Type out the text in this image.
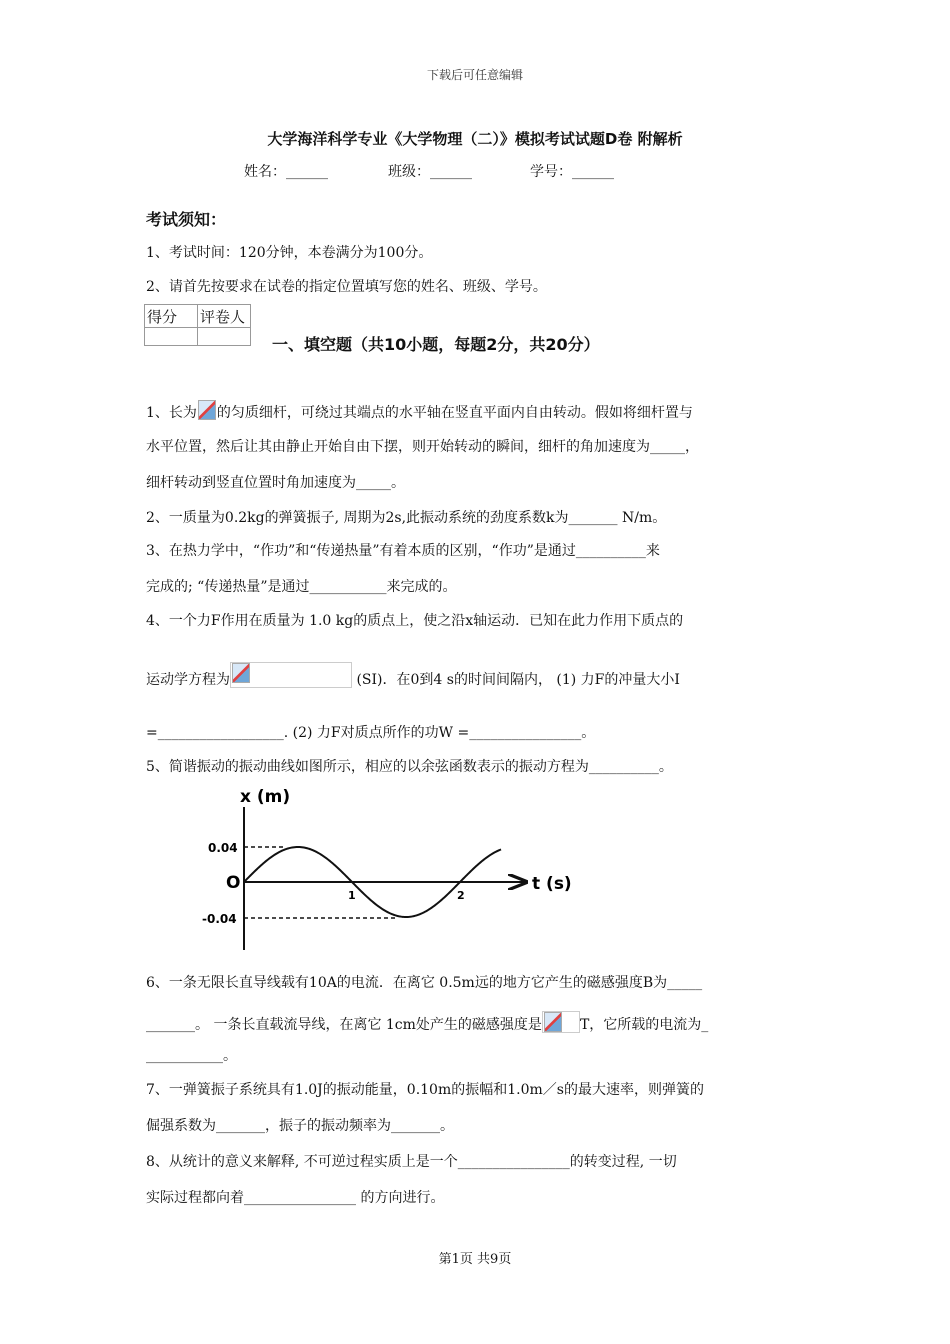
下载后可任意编辑
大学海洋科学专业《大学物理（二）》模拟考试试题D卷 附解析
姓名：______	班级：______	学号：______
考试须知：
1、考试时间：120分钟，本卷满分为100分。
2、请首先按要求在试卷的指定位置填写您的姓名、班级、学号。
得分	评卷人

一、填空题（共10小题，每题2分，共20分）
1、长为 的匀质细杆，可绕过其端点的水平轴在竖直平面内自由转动。假如将细杆置与
水平位置，然后让其由静止开始自由下摆，则开始转动的瞬间，细杆的角加速度为_____，
细杆转动到竖直位置时角加速度为_____。
2、一质量为0.2kg的弹簧振子, 周期为2s,此振动系统的劲度系数k为_______ N/m。
3、在热力学中，“作功”和“传递热量”有着本质的区别，“作功”是通过__________来
完成的; “传递热量”是通过___________来完成的。
4、一个力F作用在质量为 1.0 kg的质点上，使之沿x轴运动．已知在此力作用下质点的
运动学方程为	(SI)．在0到4 s的时间间隔内， (1) 力F的冲量大小I
=__________________. (2) 力F对质点所作的功W =________________。
5、简谐振动的振动曲线如图所示，相应的以余弦函数表示的振动方程为__________。
x (m)
t (s)
0.04
-0.04
O
1	2
6、一条无限长直导线载有10A的电流．在离它 0.5m远的地方它产生的磁感强度B为_____
_______。 一条长直载流导线，在离它 1cm处产生的磁感强度是	T，它所载的电流为_
___________。
7、一弹簧振子系统具有1.0J的振动能量，0.10m的振幅和1.0m／s的最大速率，则弹簧的
倔强系数为_______，振子的振动频率为_______。
8、从统计的意义来解释, 不可逆过程实质上是一个________________的转变过程, 一切
实际过程都向着________________ 的方向进行。
第1页 共9页
